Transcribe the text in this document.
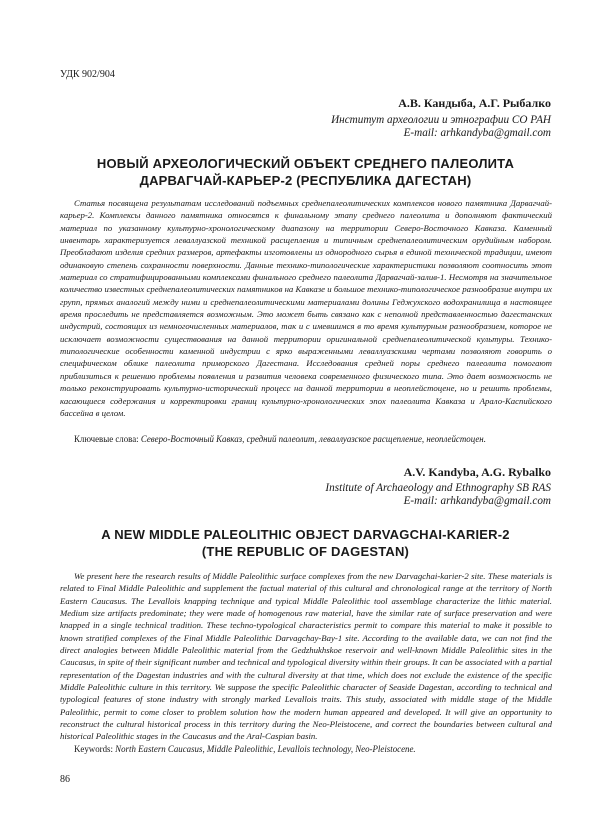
УДК 902/904
А.В. Кандыба, А.Г. Рыбалко
Институт археологии и этнографии СО РАН
E-mail: arhkandyba@gmail.com
НОВЫЙ АРХЕОЛОГИЧЕСКИЙ ОБЪЕКТ СРЕДНЕГО ПАЛЕОЛИТА
ДАРВАГЧАЙ-КАРЬЕР-2 (РЕСПУБЛИКА ДАГЕСТАН)

Статья посвящена результатам исследований подъемных среднепалеолитических комплексов нового памятника Дарвагчай-карьер-2. Комплексы данного памятника относятся к финальному этапу среднего палеолита и дополняют фактический материал по указанному культурно-хронологическому диапазону на территории Северо-Восточного Кавказа. Каменный инвентарь характеризуется леваллуазской техникой расщепления и типичным среднепалеолитическим орудийным набором. Преобладают изделия средних размеров, артефакты изготовлены из однородного сырья в единой технической традиции, имеют одинаковую степень сохранности поверхности. Данные технико-типологические характеристики позволяют соотносить этот материал со стратифицированными комплексами финального среднего палеолита Дарвагчай-залив-1. Несмотря на значительное количество известных среднепалеолитических памятников на Кавказе и большое технико-типологическое разнообразие внутри их групп, прямых аналогий между ними и среднепалеолитическими материалами долины Геджухского водохранилища в настоящее время проследить не представляется возможным. Это может быть связано как с неполной представленностью дагестанских индустрий, состоящих из немногочисленных материалов, так и с имевшимся в то время культурным разнообразием, которое не исключает возможности существования на данной территории оригинальной среднепалеолитической культуры. Технико-типологические особенности каменной индустрии с ярко выраженными леваллуазскими чертами позволяют говорить о специфическом облике палеолита приморского Дагестана. Исследования средней поры среднего палеолита помогают приблизиться к решению проблемы появления и развития человека современного физического типа. Это дает возможность не только реконструировать культурно-исторический процесс на данной территории в неоплейстоцене, но и решить проблемы, касающиеся содержания и корректировки границ культурно-хронологических эпох палеолита Кавказа и Арало-Каспийского бассейна в целом.

Ключевые слова: Северо-Восточный Кавказ, средний палеолит, леваллуазское расщепление, неоплейстоцен.
A.V. Kandyba, A.G. Rybalko
Institute of Archaeology and Ethnography SB RAS
E-mail: arhkandyba@gmail.com
A NEW MIDDLE PALEOLITHIC OBJECT DARVAGCHAI-KARIER-2
(THE REPUBLIC OF DAGESTAN)

We present here the research results of Middle Paleolithic surface complexes from the new Darvagchai-karier-2 site. These materials is related to Final Middle Paleolithic and supplement the factual material of this cultural and chronological range at the territory of North Eastern Caucasus. The Levallois knapping technique and typical Middle Paleolithic tool assemblage characterize the lithic material. Medium size artifacts predominate; they were made of homogenous raw material, have the similar rate of surface preservation and were knapped in a single technical tradition. These techno-typological characteristics permit to compare this material to make it possible to known stratified complexes of the Final Middle Paleolithic Darvagchay-Bay-1 site. According to the available data, we can not find the direct analogies between Middle Paleolithic material from the Gedzhukhskoe reservoir and well-known Middle Paleolithic sites in the Caucasus, in spite of their significant number and technical and typological diversity within their groups. It can be associated with a partial representation of the Dagestan industries and with the cultural diversity at that time, which does not exclude the existence of the specific Middle Paleolithic culture in this territory. We suppose the specific Paleolithic character of Seaside Dagestan, according to technical and typological features of stone industry with strongly marked Levallois traits. This study, associated with middle stage of the Middle Paleolithic, permit to come closer to problem solution how the modern human appeared and developed. It will give an opportunity to reconstruct the cultural historical process in this territory during the Neo-Pleistocene, and correct the boundaries between cultural and historical Paleolithic stages in the Caucasus and the Aral-Caspian basin.

Keywords: North Eastern Caucasus, Middle Paleolithic, Levallois technology, Neo-Pleistocene.
86
